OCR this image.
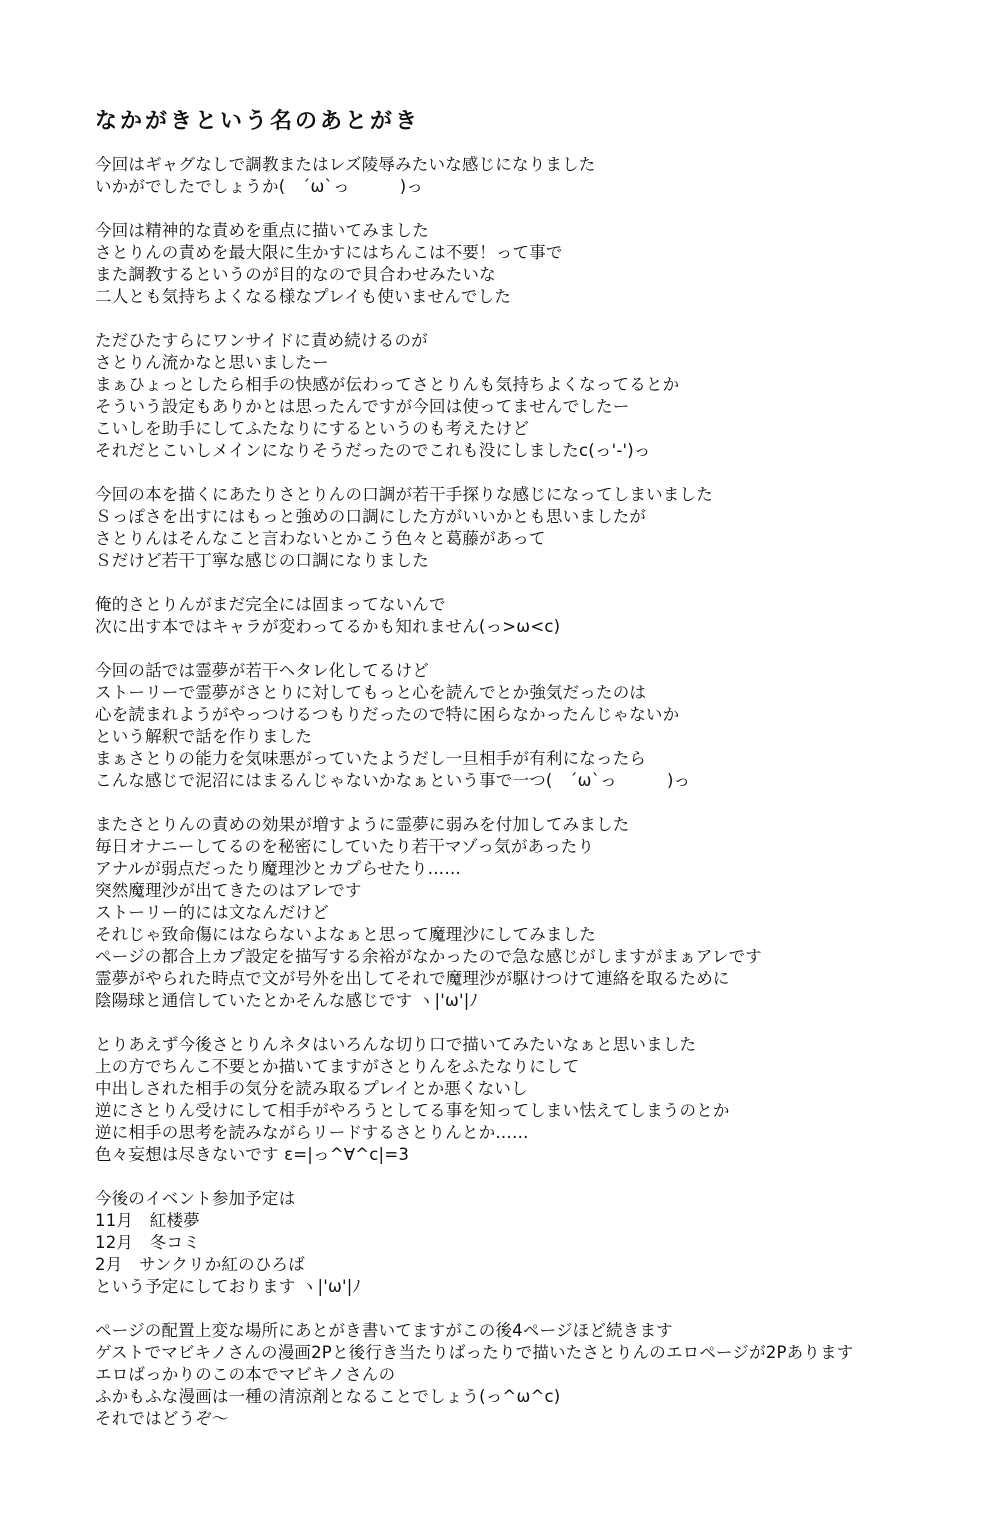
なかがきという名のあとがき
今回はギャグなしで調教またはレズ陵辱みたいな感じになりました
いかがでしたでしょうか(　´ω`っ　　　)っ
今回は精神的な責めを重点に描いてみました
さとりんの責めを最大限に生かすにはちんこは不要！って事で
また調教するというのが目的なので貝合わせみたいな
二人とも気持ちよくなる様なプレイも使いませんでした
ただひたすらにワンサイドに責め続けるのが
さとりん流かなと思いましたー
まぁひょっとしたら相手の快感が伝わってさとりんも気持ちよくなってるとか
そういう設定もありかとは思ったんですが今回は使ってませんでしたー
こいしを助手にしてふたなりにするというのも考えたけど
それだとこいしメインになりそうだったのでこれも没にしましたc(っ'-')っ
今回の本を描くにあたりさとりんの口調が若干手探りな感じになってしまいました
Ｓっぽさを出すにはもっと強めの口調にした方がいいかとも思いましたが
さとりんはそんなこと言わないとかこう色々と葛藤があって
Ｓだけど若干丁寧な感じの口調になりました
俺的さとりんがまだ完全には固まってないんで
次に出す本ではキャラが変わってるかも知れません(っ>ω<c)
今回の話では霊夢が若干ヘタレ化してるけど
ストーリーで霊夢がさとりに対してもっと心を読んでとか強気だったのは
心を読まれようがやっつけるつもりだったので特に困らなかったんじゃないか
という解釈で話を作りました
まぁさとりの能力を気味悪がっていたようだし一旦相手が有利になったら
こんな感じで泥沼にはまるんじゃないかなぁという事で一つ(　´ω`っ　　　)っ
またさとりんの責めの効果が増すように霊夢に弱みを付加してみました
毎日オナニーしてるのを秘密にしていたり若干マゾっ気があったり
アナルが弱点だったり魔理沙とカプらせたり……
突然魔理沙が出てきたのはアレです
ストーリー的には文なんだけど
それじゃ致命傷にはならないよなぁと思って魔理沙にしてみました
ページの都合上カプ設定を描写する余裕がなかったので急な感じがしますがまぁアレです
霊夢がやられた時点で文が号外を出してそれで魔理沙が駆けつけて連絡を取るために
陰陽球と通信していたとかそんな感じです ヽ|'ω'|ﾉ
とりあえず今後さとりんネタはいろんな切り口で描いてみたいなぁと思いました
上の方でちんこ不要とか描いてますがさとりんをふたなりにして
中出しされた相手の気分を読み取るプレイとか悪くないし
逆にさとりん受けにして相手がやろうとしてる事を知ってしまい怯えてしまうのとか
逆に相手の思考を読みながらリードするさとりんとか……
色々妄想は尽きないです ε=|っ^∀^c|=3
今後のイベント参加予定は
11月　紅楼夢
12月　冬コミ
2月　サンクリか紅のひろば
という予定にしております ヽ|'ω'|ﾉ
ページの配置上変な場所にあとがき書いてますがこの後4ページほど続きます
ゲストでマビキノさんの漫画2Pと後行き当たりばったりで描いたさとりんのエロページが2Pあります
エロばっかりのこの本でマビキノさんの
ふかもふな漫画は一種の清涼剤となることでしょう(っ^ω^c)
それではどうぞ～
